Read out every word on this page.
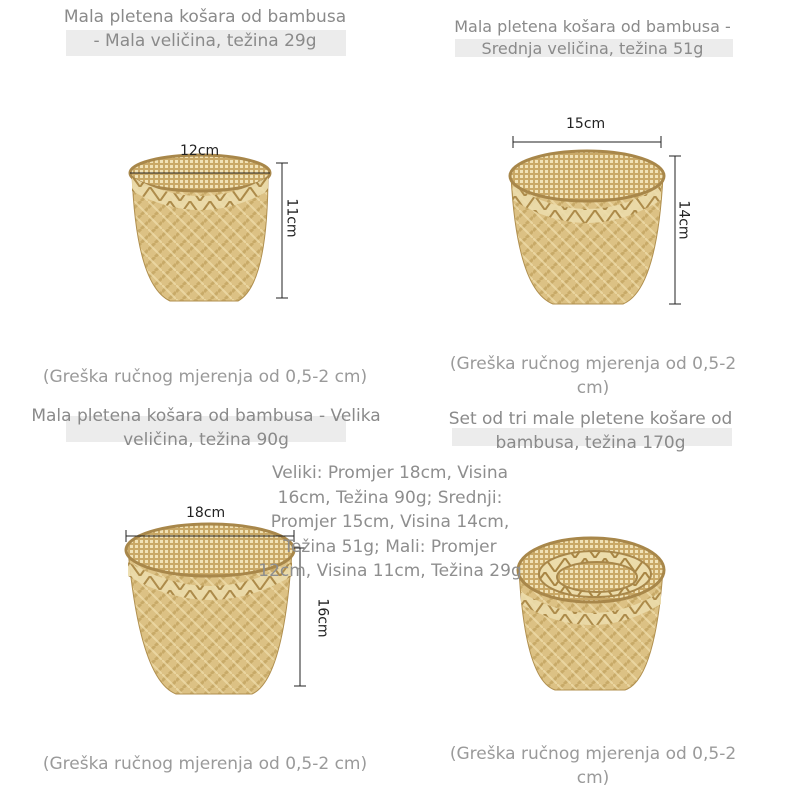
Mala pletena košara od bambusa - Mala veličina, težina 29g
12cm
11cm
(Greška ručnog mjerenja od 0,5-2 cm)
Mala pletena košara od bambusa - Srednja veličina, težina 51g
15cm
14cm
(Greška ručnog mjerenja od 0,5-2 cm)
Mala pletena košara od bambusa - Velika veličina, težina 90g
18cm
16cm
(Greška ručnog mjerenja od 0,5-2 cm)
Set od tri male pletene košare od bambusa, težina 170g
(Greška ručnog mjerenja od 0,5-2 cm)
Veliki: Promjer 18cm, Visina 16cm, Težina 90g; Srednji: Promjer 15cm, Visina 14cm, Težina 51g; Mali: Promjer 12cm, Visina 11cm, Težina 29g
